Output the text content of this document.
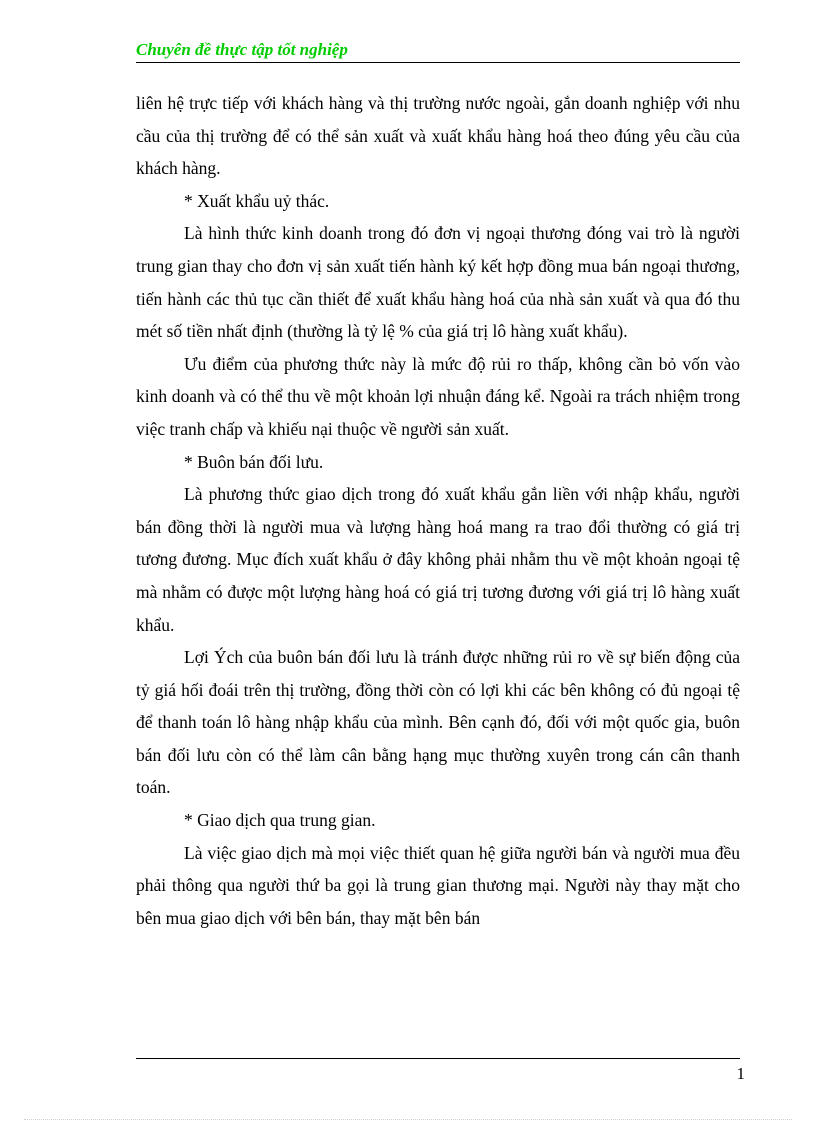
Chuyên đề thực tập tốt nghiệp

liên hệ trực tiếp với khách hàng và thị trường nước ngoài, gắn doanh nghiệp với nhu cầu của thị trường để có thể sản xuất và xuất khẩu hàng hoá theo đúng yêu cầu của khách hàng.

* Xuất khẩu uỷ thác.

Là hình thức kinh doanh trong đó đơn vị ngoại thương đóng vai trò là người trung gian thay cho đơn vị sản xuất tiến hành ký kết hợp đồng mua bán ngoại thương, tiến hành các thủ tục cần thiết để xuất khẩu hàng hoá của nhà sản xuất và qua đó thu mét số tiền nhất định (thường là tỷ lệ % của giá trị lô hàng xuất khẩu).

Ưu điểm của phương thức này là mức độ rủi ro thấp, không cần bỏ vốn vào kinh doanh và có thể thu về một khoản lợi nhuận đáng kể. Ngoài ra trách nhiệm trong việc tranh chấp và khiếu nại thuộc về người sản xuất.

* Buôn bán đối lưu.

Là phương thức giao dịch trong đó xuất khẩu gắn liền với nhập khẩu, người bán đồng thời là người mua và lượng hàng hoá mang ra trao đổi thường có giá trị tương đương. Mục đích xuất khẩu ở đây không phải nhằm thu về một khoản ngoại tệ mà nhằm có được một lượng hàng hoá có giá trị tương đương với giá trị lô hàng xuất khẩu.

Lợi Ých của buôn bán đối lưu là tránh được những rủi ro về sự biến động của tỷ giá hối đoái trên thị trường, đồng thời còn có lợi khi các bên không có đủ ngoại tệ để thanh toán lô hàng nhập khẩu của mình. Bên cạnh đó, đối với một quốc gia, buôn bán đối lưu còn có thể làm cân bằng hạng mục thường xuyên trong cán cân thanh toán.

* Giao dịch qua trung gian.

Là việc giao dịch mà mọi việc thiết quan hệ giữa người bán và người mua đều phải thông qua người thứ ba gọi là trung gian thương mại. Người này thay mặt cho bên mua giao dịch với bên bán, thay mặt bên bán

1
